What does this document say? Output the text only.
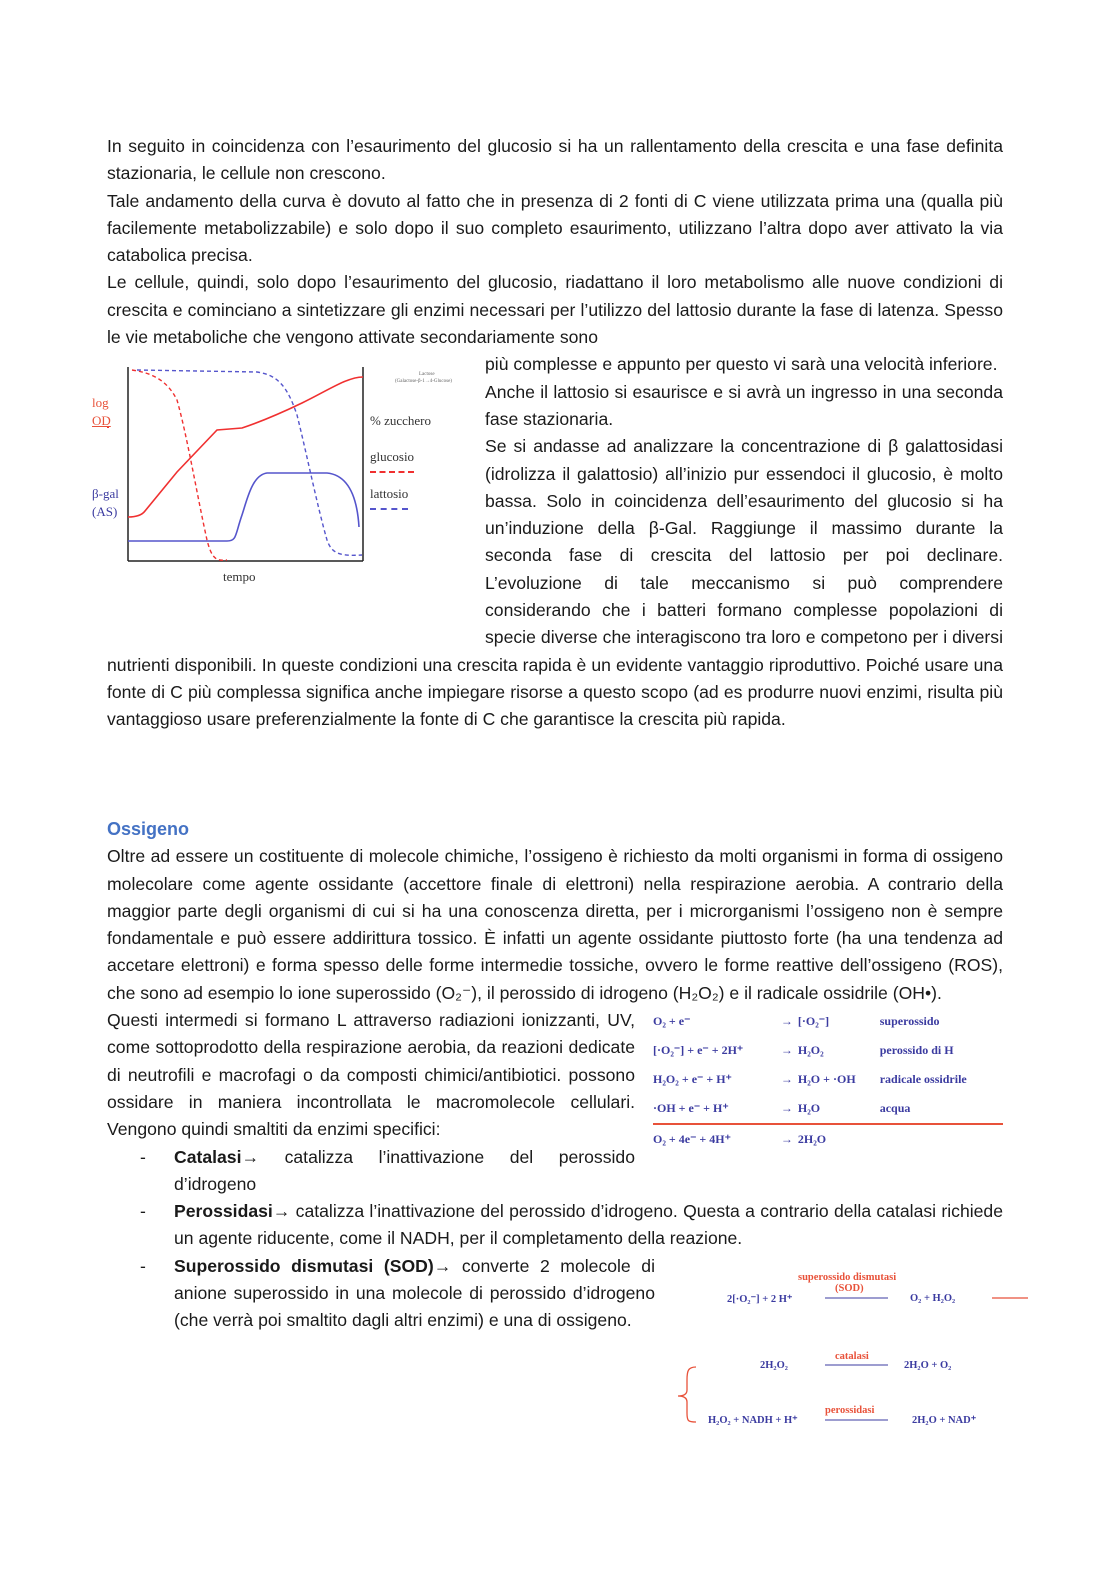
In seguito in coincidenza con l’esaurimento del glucosio si ha un rallentamento della crescita e una fase definita stazionaria, le cellule non crescono.

Tale andamento della curva è dovuto al fatto che in presenza di 2 fonti di C viene utilizzata prima una (qualla più facilemente metabolizzabile) e solo dopo il suo completo esaurimento, utilizzano l’altra dopo aver attivato la via catabolica precisa.

Le cellule, quindi, solo dopo l’esaurimento del glucosio, riadattano il loro metabolismo alle nuove condizioni di crescita e cominciano a sintetizzare gli enzimi necessari per l’utilizzo del lattosio durante la fase di latenza. Spesso le vie metaboliche che vengono attivate secondariamente sono

log
OD
β-gal
(AS)
% zucchero
glucosio
lattosio
tempo
Lactose
(Galactose-β-1→4-Glucose)

più complesse e appunto per questo vi sarà una velocità inferiore.

Anche il lattosio si esaurisce e si avrà un ingresso in una seconda fase stazionaria.

Se si andasse ad analizzare la concentrazione di β galattosidasi (idrolizza il galattosio) all’inizio pur essendoci il glucosio, è molto bassa. Solo in coincidenza dell’esaurimento del glucosio si ha un’induzione della β-Gal. Raggiunge il massimo durante la seconda fase di crescita del lattosio per poi declinare. L’evoluzione di tale meccanismo si può comprendere considerando che i batteri formano complesse popolazioni di specie diverse che interagiscono tra loro e competono per i diversi nutrienti disponibili. In queste condizioni una crescita rapida è un evidente vantaggio riproduttivo. Poiché usare una fonte di C più complessa significa anche impiegare risorse a questo scopo (ad es produrre nuovi enzimi, risulta più vantaggioso usare preferenzialmente la fonte di C che garantisce la crescita più rapida.

Ossigeno

Oltre ad essere un costituente di molecole chimiche, l’ossigeno è richiesto da molti organismi in forma di ossigeno molecolare come agente ossidante (accettore finale di elettroni) nella respirazione aerobia. A contrario della maggior parte degli organismi di cui si ha una conoscenza diretta, per i microrganismi l’ossigeno non è sempre fondamentale e può essere addirittura tossico. È infatti un agente ossidante piuttosto forte (ha una tendenza ad accetare elettroni) e forma spesso delle forme intermedie tossiche, ovvero le forme reattive dell’ossigeno (ROS), che sono ad esempio lo ione superossido (O₂⁻), il perossido di idrogeno (H₂O₂) e il radicale ossidrile (OH•).

O₂ + e⁻	→	[·O₂⁻]	superossido
[·O₂⁻] + e⁻ + 2H⁺	→	H₂O₂	perossido di H
H₂O₂ + e⁻ + H⁺	→	H₂O + ·OH	radicale ossidrile
·OH + e⁻ + H⁺	→	H₂O	acqua
O₂ + 4e⁻ + 4H⁺	→	2H₂O	

Questi intermedi si formano L attraverso radiazioni ionizzanti, UV, come sottoprodotto della respirazione aerobia, da reazioni dedicate di neutrofili e macrofagi o da composti chimici/antibiotici. possono ossidare in maniera incontrollata le macromolecole cellulari. Vengono quindi smaltiti da enzimi specifici:

- Catalasi→ catalizza l’inattivazione del perossido d’idrogeno
- Perossidasi→ catalizza l’inattivazione del perossido d’idrogeno. Questa a contrario della catalasi richiede un agente riducente, come il NADH, per il completamento della reazione.
- Superossido dismutasi (SOD)→ converte 2 molecole di anione superossido in una molecole di perossido d’idrogeno (che verrà poi smaltito dagli altri enzimi) e una di ossigeno.
superossido dismutasi
(SOD)
2[·O₂⁻] + 2 H⁺	O₂ + H₂O₂
catalasi
2H₂O₂	2H₂O + O₂
perossidasi
H₂O₂ + NADH + H⁺	2H₂O + NAD⁺
